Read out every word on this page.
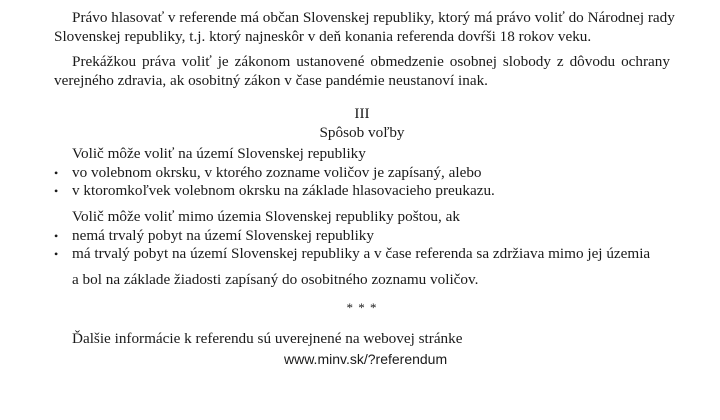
Právo hlasovať v referende má občan Slovenskej republiky, ktorý má právo voliť do Národnej rady
Slovenskej republiky, t.j. ktorý najneskôr v deň konania referenda dovŕši 18 rokov veku.

Prekážkou práva voliť je zákonom ustanovené obmedzenie osobnej slobody z dôvodu ochrany
verejného zdravia, ak osobitný zákon v čase pandémie neustanoví inak.

III

Spôsob voľby

Volič môže voliť na území Slovenskej republiky

• vo volebnom okrsku, v ktorého zozname voličov je zapísaný, alebo
• v ktoromkoľvek volebnom okrsku na základe hlasovacieho preukazu.

Volič môže voliť mimo územia Slovenskej republiky poštou, ak

• nemá trvalý pobyt na území Slovenskej republiky
• má trvalý pobyt na území Slovenskej republiky a v čase referenda sa zdržiava mimo jej územia

a bol na základe žiadosti zapísaný do osobitného zoznamu voličov.

* * *

Ďalšie informácie k referendu sú uverejnené na webovej stránke

www.minv.sk/?referendum
